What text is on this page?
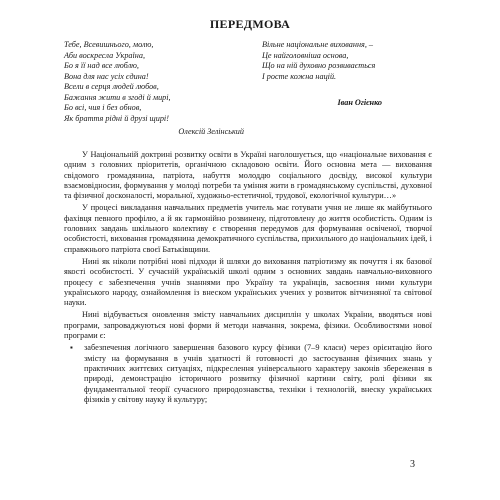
ПЕРЕДМОВА
Тебе, Всевишнього, молю,
Аби воскресла Україна,
Бо я її над все люблю,
Вона для нас усіх єдина!
Всели в серця людей любов,
Бажання жити в згоді й мирі,
Бо всі, чия і без обнов,
Як браття рідні й друзі щирі!
Олексій Зелінський
Вільне національне виховання, –
Це найголовніша основа,
Що на ній духовно розвивається
І росте кожна націй.
Іван Огієнко

У Національній доктрині розвитку освіти в Україні наголошується, що «національне виховання є одним з головних пріоритетів, органічною складовою освіти. Його основна мета — виховання свідомого громадянина, патріота, набуття молоддю соціального досвіду, високої культури взаємовідносин, формування у молоді потреби та уміння жити в громадянському суспільстві, духовної та фізичної досконалості, моральної, художньо-естетичної, трудової, екологічної культури…»

У процесі викладання навчальних предметів учитель має готувати учня не лише як майбутнього фахівця певного профілю, а й як гармонійно розвинену, підготовлену до життя особистість. Одним із головних завдань шкільного колективу є створення передумов для формування освіченої, творчої особистості, виховання громадянина демократичного суспільства, прихильного до національних ідей, і справжнього патріота своєї Батьківщини.

Нині як ніколи потрібні нові підходи й шляхи до виховання патріотизму як почуття і як базової якості особистості. У сучасній українській школі одним з основних завдань навчально-виховного процесу є забезпечення учнів знаннями про Україну та українців, засвоєння ними культури українського народу, ознайомлення із внеском українських учених у розвиток вітчизняної та світової науки.

Нині відбувається оновлення змісту навчальних дисциплін у школах України, вводяться нові програми, запроваджуються нові форми й методи навчання, зокрема, фізики. Особливостями нової програми є:

▪ забезпечення логічного завершення базового курсу фізики (7–9 класи) через орієнтацію його змісту на формування в учнів здатності й готовності до застосування фізичних знань у практичних життєвих ситуаціях, підкреслення універсального характеру законів збереження в природі, демонстрацію історичного розвитку фізичної картини світу, ролі фізики як фундаментальної теорії сучасного природознавства, техніки і технологій, внеску українських фізиків у світову науку й культуру;
3
